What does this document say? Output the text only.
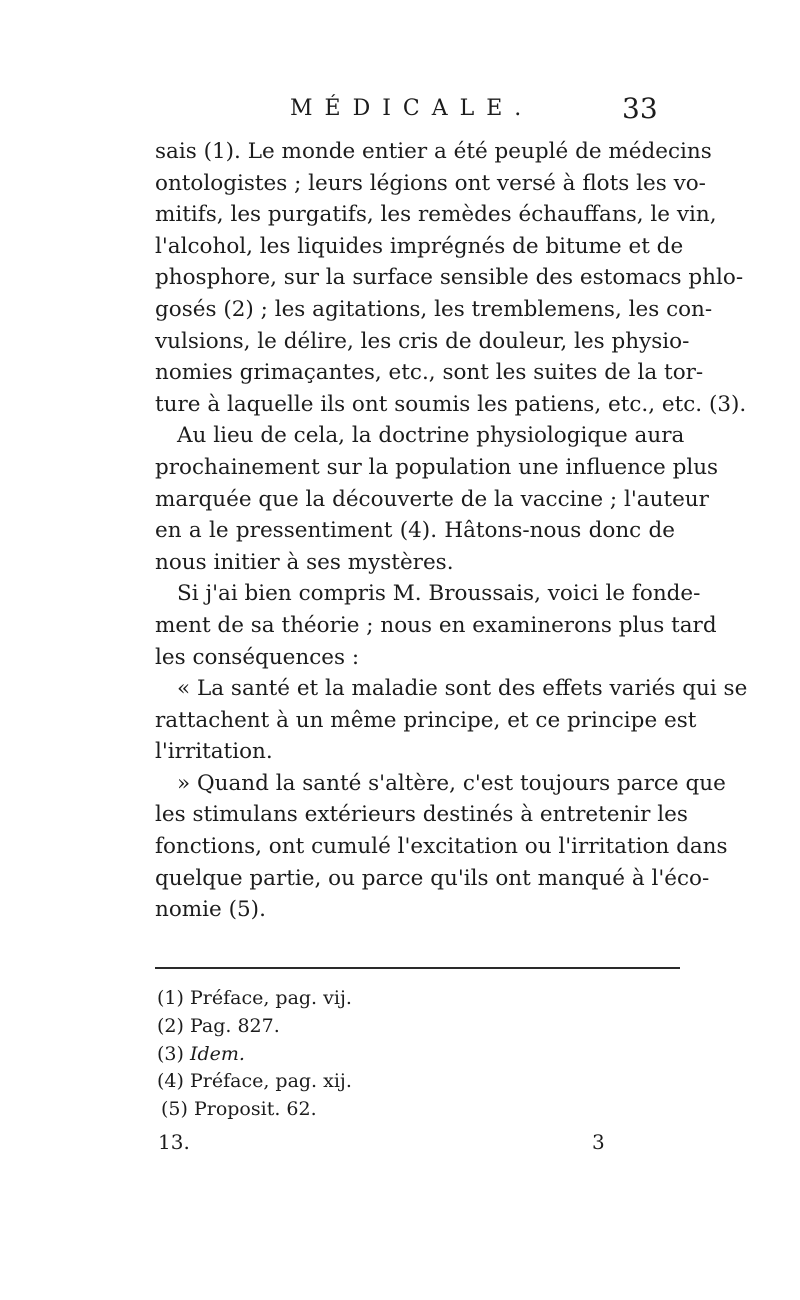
MÉDICALE.	33
sais (1). Le monde entier a été peuplé de médecins
ontologistes ; leurs légions ont versé à flots les vo-
mitifs, les purgatifs, les remèdes échauffans, le vin,
l'alcohol, les liquides imprégnés de bitume et de
phosphore, sur la surface sensible des estomacs phlo-
gosés (2) ; les agitations, les tremblemens, les con-
vulsions, le délire, les cris de douleur, les physio-
nomies grimaçantes, etc., sont les suites de la tor-
ture à laquelle ils ont soumis les patiens, etc., etc. (3).
Au lieu de cela, la doctrine physiologique aura
prochainement sur la population une influence plus
marquée que la découverte de la vaccine ; l'auteur
en a le pressentiment (4). Hâtons-nous donc de
nous initier à ses mystères.
Si j'ai bien compris M. Broussais, voici le fonde-
ment de sa théorie ; nous en examinerons plus tard
les conséquences :
« La santé et la maladie sont des effets variés qui se
rattachent à un même principe, et ce principe est
l'irritation.
» Quand la santé s'altère, c'est toujours parce que
les stimulans extérieurs destinés à entretenir les
fonctions, ont cumulé l'excitation ou l'irritation dans
quelque partie, ou parce qu'ils ont manqué à l'éco-
nomie (5).
(1) Préface, pag. vij.
(2) Pag. 827.
(3) Idem.
(4) Préface, pag. xij.
(5) Proposit. 62.
13.	3
